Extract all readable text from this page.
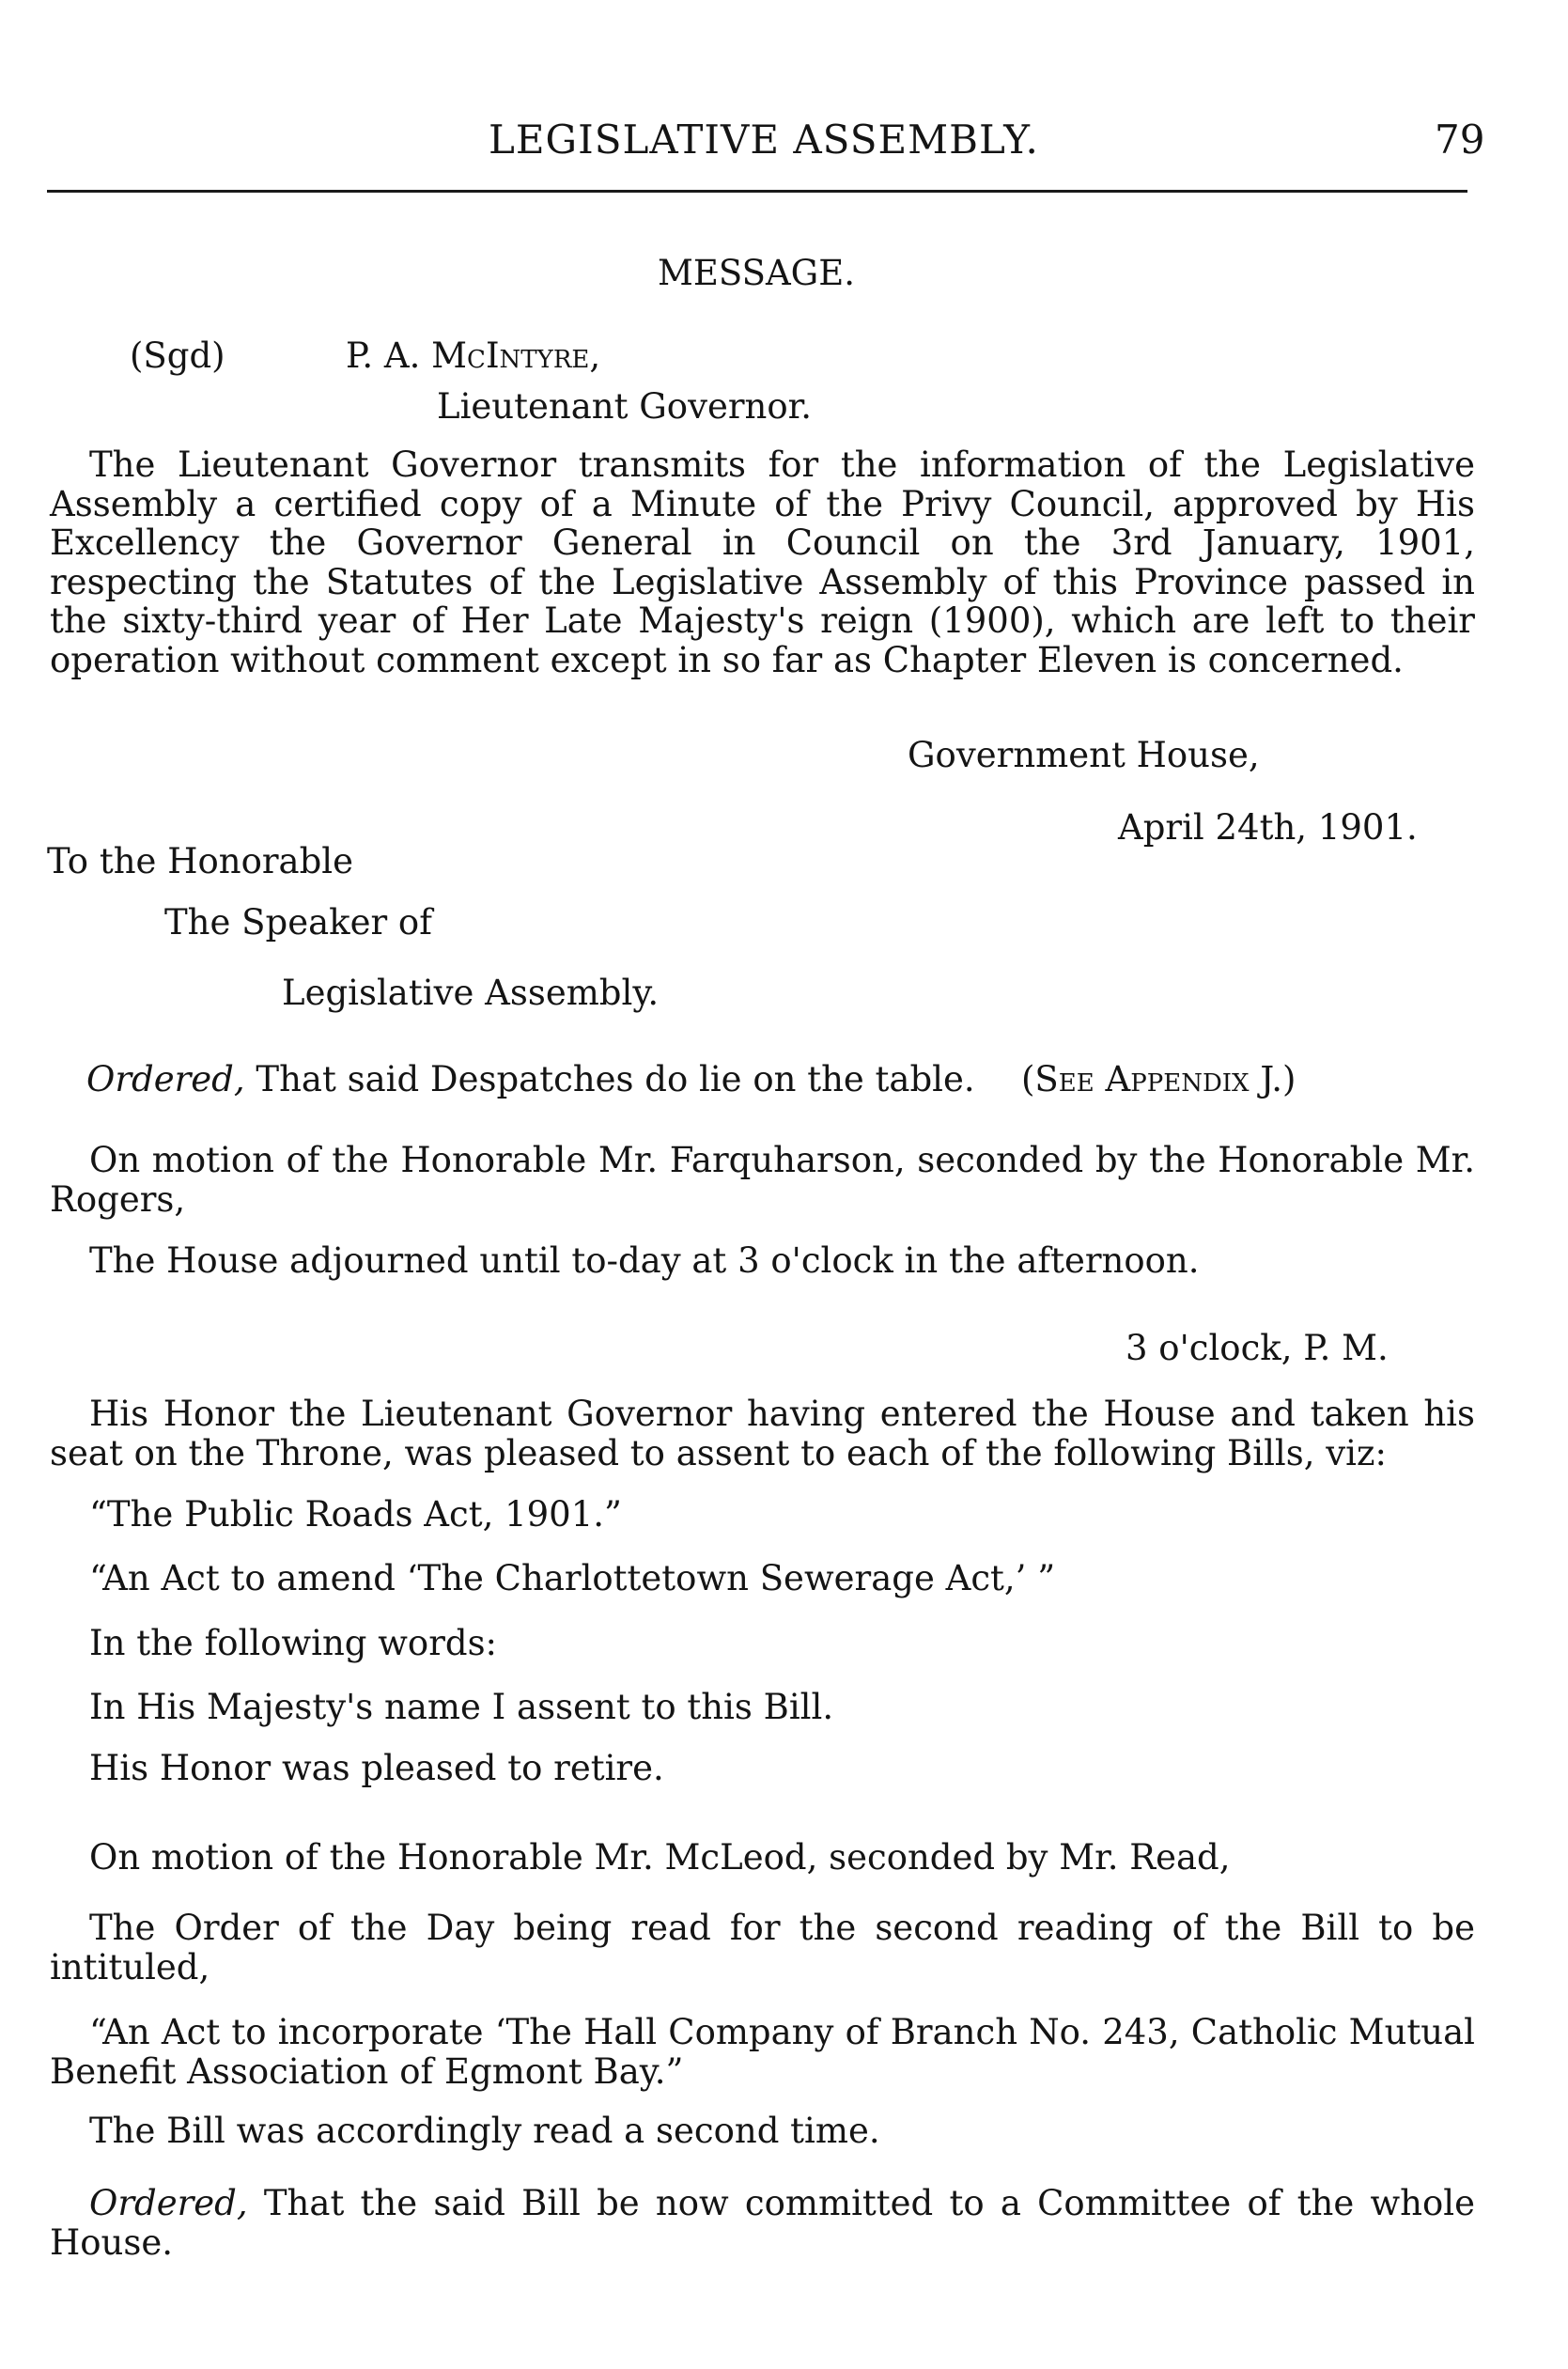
LEGISLATIVE ASSEMBLY.	79
MESSAGE.
(Sgd)	P. A. McIntyre,
Lieutenant Governor.
The Lieutenant Governor transmits for the information of the Legislative Assembly a certified copy of a Minute of the Privy Council, approved by His Excellency the Governor General in Council on the 3rd January, 1901, respecting the Statutes of the Legislative Assembly of this Province passed in the sixty-third year of Her Late Majesty's reign (1900), which are left to their operation without comment except in so far as Chapter Eleven is concerned.
Government House,
April 24th, 1901.
To the Honorable
The Speaker of
Legislative Assembly.
Ordered, That said Despatches do lie on the table. (See Appendix J.)
On motion of the Honorable Mr. Farquharson, seconded by the Honorable Mr. Rogers,
The House adjourned until to-day at 3 o'clock in the afternoon.
3 o'clock, P. M.
His Honor the Lieutenant Governor having entered the House and taken his seat on the Throne, was pleased to assent to each of the following Bills, viz:
“The Public Roads Act, 1901.”
“An Act to amend ‘The Charlottetown Sewerage Act,’ ”
In the following words:
In His Majesty's name I assent to this Bill.
His Honor was pleased to retire.
On motion of the Honorable Mr. McLeod, seconded by Mr. Read,
The Order of the Day being read for the second reading of the Bill to be intituled,
“An Act to incorporate ‘The Hall Company of Branch No. 243, Catholic Mutual Benefit Association of Egmont Bay.”
The Bill was accordingly read a second time.
Ordered, That the said Bill be now committed to a Committee of the whole House.
